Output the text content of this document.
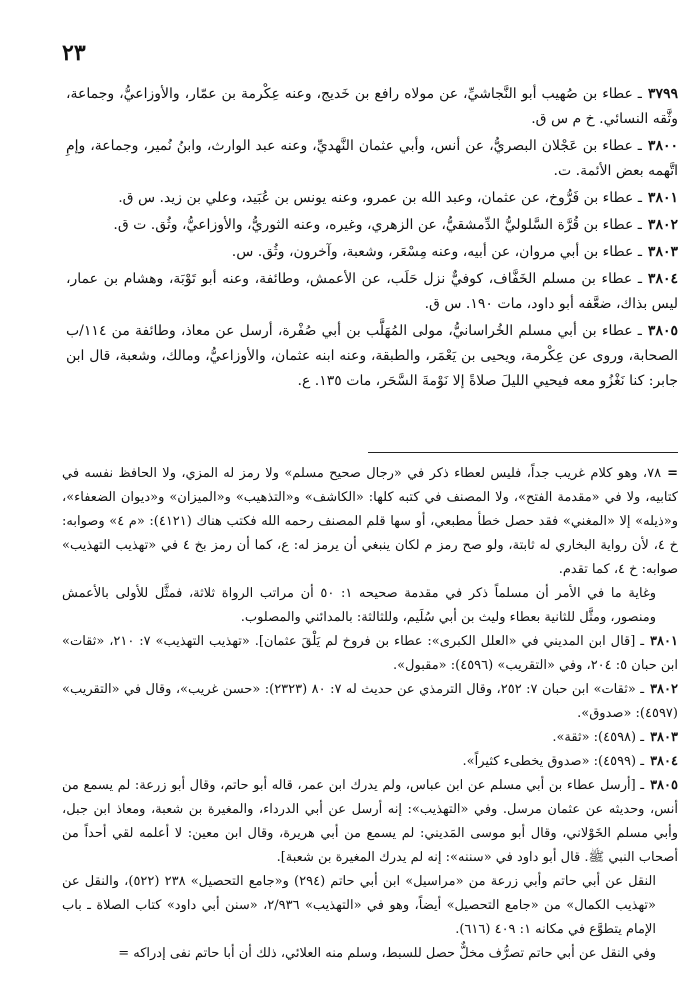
٢٣

٣٧٩٩ـ عطاء بن صُهيب أبو النَّجاشيِّ، عن مولاه رافع بن خَديج، وعنه عِكْرمة بن عمّار، والأوزاعيُّ، وجماعة، وثَّقه النسائي. خ م س ق.

٣٨٠٠ـ عطاء بن عَجْلان البصريُّ، عن أنس، وأبي عثمان النَّهديِّ، وعنه عبد الوارث، وابنُ نُمير، وجماعة، وإمِ اتَّهمه بعض الأئمة. ت.

٣٨٠١ـ عطاء بن فَرُّوخ، عن عثمان، وعبد الله بن عمرو، وعنه يونس بن عُبَيد، وعلي بن زيد. س ق.

٣٨٠٢ـ عطاء بن قُرَّة السَّلوليُّ الدِّمشقيُّ، عن الزهري، وغيره، وعنه الثوريُّ، والأوزاعيُّ، وثُق. ت ق.

٣٨٠٣ـ عطاء بن أبي مروان، عن أبيه، وعنه مِسْعَر، وشعبة، وآخرون، وثُق. س.

٣٨٠٤ـ عطاء بن مسلم الخَفَّاف، كوفيٌّ نزل حَلَب، عن الأعمش، وطائفة، وعنه أبو تَوْبَة، وهشام بن عمار، ليس بذاك، ضعَّفه أبو داود، مات ١٩٠. س ق.

٣٨٠٥ـ عطاء بن أبي مسلم الخُراسانيُّ، مولى المُهَلَّب بن أبي صُفْرة، أرسل عن معاذ، وطائفة من ١١٤/ب الصحابة، وروى عن عِكْرمة، ويحيى بن يَعْمَر، والطبقة، وعنه ابنه عثمان، والأوزاعيُّ، ومالك، وشعبة، قال ابن جابر: كنا نَغْزُو معه فيحيي الليلَ صلاةً إلا نَوْمةَ السَّحَر، مات ١٣٥. ع.

=٧٨، وهو كلام غريب جداً، فليس لعطاء ذكر في «رجال صحيح مسلم» ولا رمز له المزي، ولا الحافظ نفسه في كتابيه، ولا في «مقدمة الفتح»، ولا المصنف في كتبه كلها: «الكاشف» و«التذهيب» و«الميزان» و«ديوان الضعفاء»، و«ذيله» إلا «المغني» فقد حصل خطأ مطبعي، أو سها قلم المصنف رحمه الله فكتب هناك (٤١٢١): «م ٤» وصوابه: خ ٤، لأن رواية البخاري له ثابتة، ولو صح رمز م لكان ينبغي أن يرمز له: ع، كما أن رمز بخ ٤ في «تهذيب التهذيب» صوابه: خ ٤، كما تقدم.

وغاية ما في الأمر أن مسلماً ذكر في مقدمة صحيحه ١: ٥٠ أن مراتب الرواة ثلاثة، فمثَّل للأولى بالأعمش ومنصور، ومثَّل للثانية بعطاء وليث بن أبي سُلَيم، وللثالثة: بالمدائني والمصلوب.

٣٨٠١ـ [قال ابن المديني في «العلل الكبرى»: عطاء بن فروخ لم يَلْقَ عثمان]. «تهذيب التهذيب» ٧: ٢١٠، «ثقات» ابن حبان ٥: ٢٠٤، وفي «التقريب» (٤٥٩٦): «مقبول».

٣٨٠٢ـ «ثقات» ابن حبان ٧: ٢٥٢، وقال الترمذي عن حديث له ٧: ٨٠ (٢٣٢٣): «حسن غريب»، وقال في «التقريب» (٤٥٩٧): «صدوق».

٣٨٠٣ـ (٤٥٩٨): «ثقة».

٣٨٠٤ـ (٤٥٩٩): «صدوق يخطىء كثيراً».

٣٨٠٥ـ [أرسل عطاء بن أبي مسلم عن ابن عباس، ولم يدرك ابن عمر، قاله أبو حاتم، وقال أبو زرعة: لم يسمع من أنس، وحديثه عن عثمان مرسل. وفي «التهذيب»: إنه أرسل عن أبي الدرداء، والمغيرة بن شعبة، ومعاذ ابن جبل، وأبي مسلم الخَوْلاني، وقال أبو موسى المَديني: لم يسمع من أبي هريرة، وقال ابن معين: لا أعلمه لقي أحداً من أصحاب النبي ﷺ. قال أبو داود في «سننه»: إنه لم يدرك المغيرة بن شعبة].

النقل عن أبي حاتم وأبي زرعة من «مراسيل» ابن أبي حاتم (٢٩٤) و«جامع التحصيل» ٢٣٨ (٥٢٢)، والنقل عن «تهذيب الكمال» من «جامع التحصيل» أيضاً، وهو في «التهذيب» ٢/٩٣٦، «سنن أبي داود» كتاب الصلاة ـ باب الإمام يتطوَّع في مكانه ١: ٤٠٩ (٦١٦).

وفي النقل عن أبي حاتم تصرُّف مخلٌّ حصل للسبط، وسلم منه العلائي، ذلك أن أبا حاتم نفى إدراكه =
